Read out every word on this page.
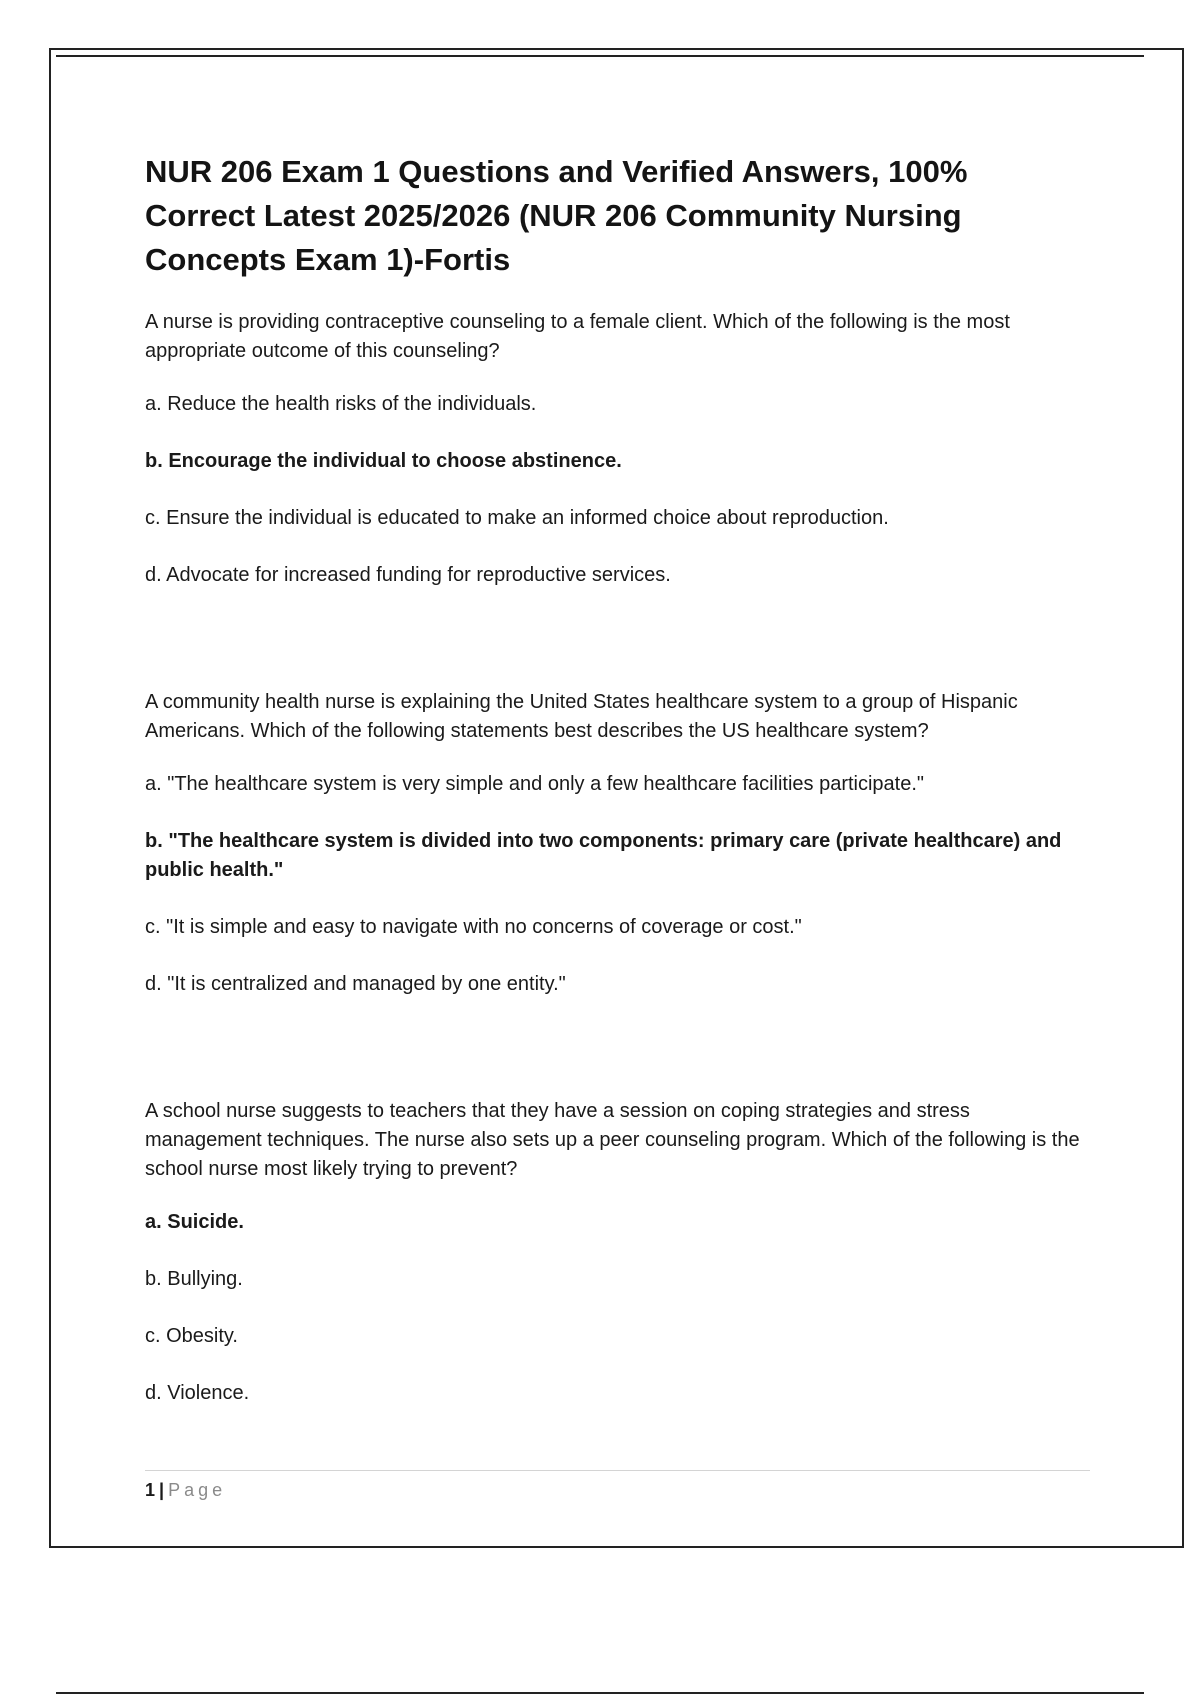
NUR 206 Exam 1 Questions and Verified Answers, 100% Correct Latest 2025/2026 (NUR 206 Community Nursing Concepts Exam 1)-Fortis

A nurse is providing contraceptive counseling to a female client. Which of the following is the most appropriate outcome of this counseling?

a. Reduce the health risks of the individuals.

b. Encourage the individual to choose abstinence.

c. Ensure the individual is educated to make an informed choice about reproduction.

d. Advocate for increased funding for reproductive services.

A community health nurse is explaining the United States healthcare system to a group of Hispanic Americans. Which of the following statements best describes the US healthcare system?

a. "The healthcare system is very simple and only a few healthcare facilities participate."

b. "The healthcare system is divided into two components: primary care (private healthcare) and public health."

c. "It is simple and easy to navigate with no concerns of coverage or cost."

d. "It is centralized and managed by one entity."

A school nurse suggests to teachers that they have a session on coping strategies and stress management techniques. The nurse also sets up a peer counseling program. Which of the following is the school nurse most likely trying to prevent?

a. Suicide.

b. Bullying.

c. Obesity.

d. Violence.

1 | Page
